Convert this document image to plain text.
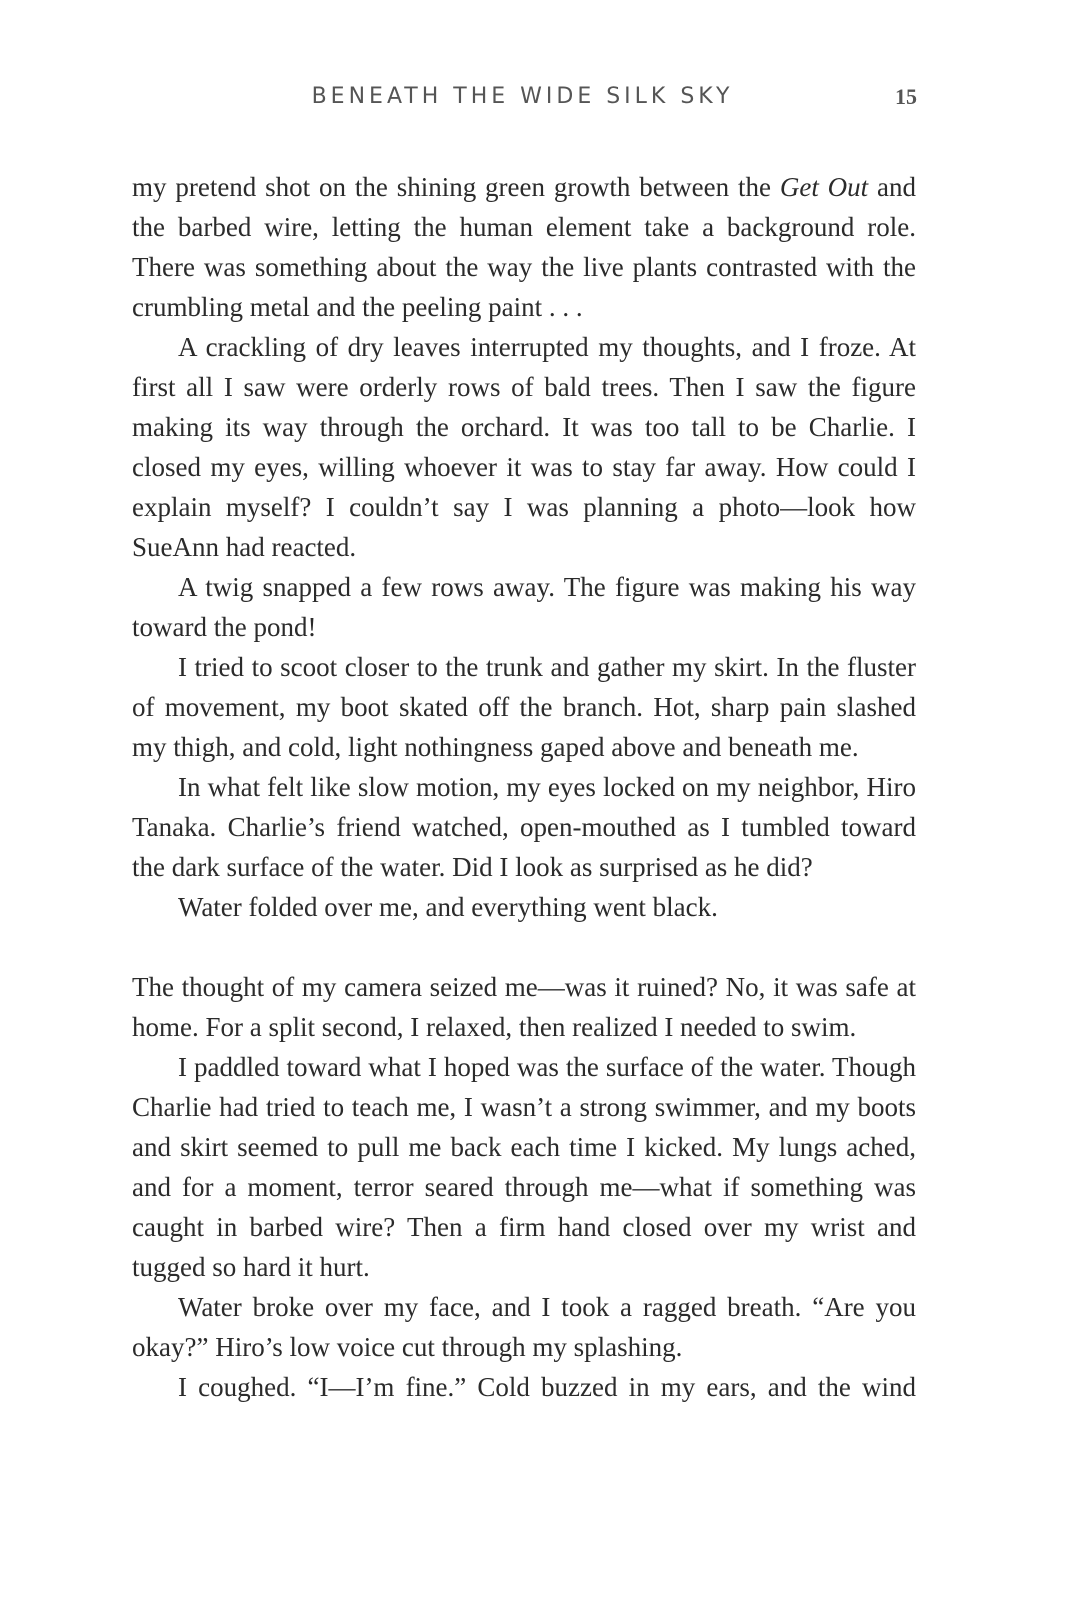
BENEATH THE WIDE SILK SKY	15

my pretend shot on the shining green growth between the Get Out and the barbed wire, letting the human element take a background role. There was something about the way the live plants contrasted with the crumbling metal and the peeling paint . . .

A crackling of dry leaves interrupted my thoughts, and I froze. At first all I saw were orderly rows of bald trees. Then I saw the figure making its way through the orchard. It was too tall to be Charlie. I closed my eyes, willing whoever it was to stay far away. How could I explain myself? I couldn’t say I was planning a photo—look how SueAnn had reacted.

A twig snapped a few rows away. The figure was making his way toward the pond!

I tried to scoot closer to the trunk and gather my skirt. In the fluster of movement, my boot skated off the branch. Hot, sharp pain slashed my thigh, and cold, light nothingness gaped above and beneath me.

In what felt like slow motion, my eyes locked on my neighbor, Hiro Tanaka. Charlie’s friend watched, open-mouthed as I tumbled toward the dark surface of the water. Did I look as surprised as he did?

Water folded over me, and everything went black.

The thought of my camera seized me—was it ruined? No, it was safe at home. For a split second, I relaxed, then realized I needed to swim.

I paddled toward what I hoped was the surface of the water. Though Charlie had tried to teach me, I wasn’t a strong swimmer, and my boots and skirt seemed to pull me back each time I kicked. My lungs ached, and for a moment, terror seared through me—what if something was caught in barbed wire? Then a firm hand closed over my wrist and tugged so hard it hurt.

Water broke over my face, and I took a ragged breath. “Are you okay?” Hiro’s low voice cut through my splashing.

I coughed. “I—I’m fine.” Cold buzzed in my ears, and the wind
